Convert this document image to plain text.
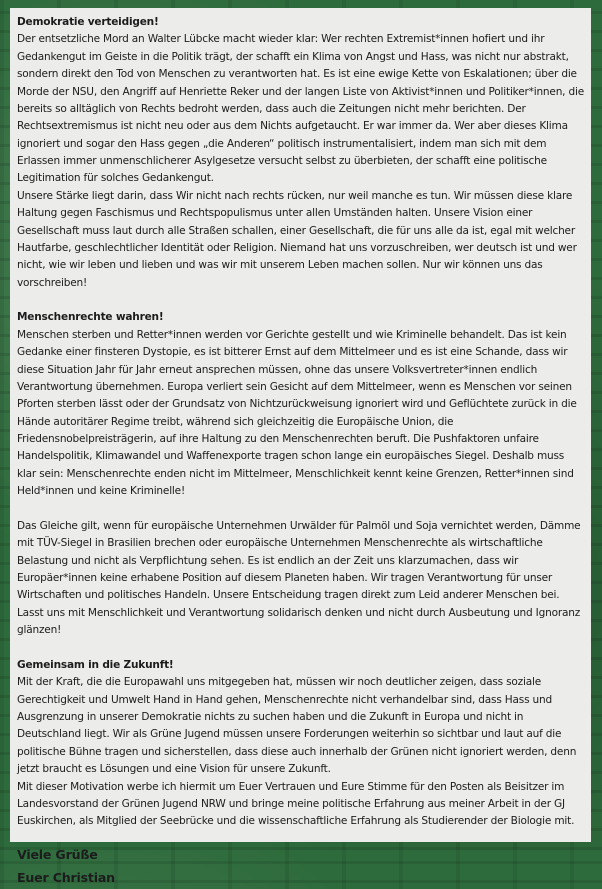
Demokratie verteidigen!

Der entsetzliche Mord an Walter Lübcke macht wieder klar: Wer rechten Extremist*innen hofiert und ihr Gedankengut im Geiste in die Politik trägt, der schafft ein Klima von Angst und Hass, was nicht nur abstrakt, sondern direkt den Tod von Menschen zu verantworten hat. Es ist eine ewige Kette von Eskalationen; über die Morde der NSU, den Angriff auf Henriette Reker und der langen Liste von Aktivist*innen und Politiker*innen, die bereits so alltäglich von Rechts bedroht werden, dass auch die Zeitungen nicht mehr berichten. Der Rechtsextremismus ist nicht neu oder aus dem Nichts aufgetaucht. Er war immer da. Wer aber dieses Klima ignoriert und sogar den Hass gegen „die Anderen“ politisch instrumentalisiert, indem man sich mit dem Erlassen immer unmenschlicherer Asylgesetze versucht selbst zu überbieten, der schafft eine politische Legitimation für solches Gedankengut.

Unsere Stärke liegt darin, dass Wir nicht nach rechts rücken, nur weil manche es tun. Wir müssen diese klare Haltung gegen Faschismus und Rechtspopulismus unter allen Umständen halten. Unsere Vision einer Gesellschaft muss laut durch alle Straßen schallen, einer Gesellschaft, die für uns alle da ist, egal mit welcher Hautfarbe, geschlechtlicher Identität oder Religion. Niemand hat uns vorzuschreiben, wer deutsch ist und wer nicht, wie wir leben und lieben und was wir mit unserem Leben machen sollen. Nur wir können uns das vorschreiben!

Menschenrechte wahren!

Menschen sterben und Retter*innen werden vor Gerichte gestellt und wie Kriminelle behandelt. Das ist kein Gedanke einer finsteren Dystopie, es ist bitterer Ernst auf dem Mittelmeer und es ist eine Schande, dass wir diese Situation Jahr für Jahr erneut ansprechen müssen, ohne das unsere Volksvertreter*innen endlich Verantwortung übernehmen. Europa verliert sein Gesicht auf dem Mittelmeer, wenn es Menschen vor seinen Pforten sterben lässt oder der Grundsatz von Nichtzurückweisung ignoriert wird und Geflüchtete zurück in die Hände autoritärer Regime treibt, während sich gleichzeitig die Europäische Union, die Friedensnobelpreisträgerin, auf ihre Haltung zu den Menschenrechten beruft. Die Pushfaktoren unfaire Handelspolitik, Klimawandel und Waffenexporte tragen schon lange ein europäisches Siegel. Deshalb muss klar sein: Menschenrechte enden nicht im Mittelmeer, Menschlichkeit kennt keine Grenzen, Retter*innen sind Held*innen und keine Kriminelle!

Das Gleiche gilt, wenn für europäische Unternehmen Urwälder für Palmöl und Soja vernichtet werden, Dämme mit TÜV-Siegel in Brasilien brechen oder europäische Unternehmen Menschenrechte als wirtschaftliche Belastung und nicht als Verpflichtung sehen. Es ist endlich an der Zeit uns klarzumachen, dass wir Europäer*innen keine erhabene Position auf diesem Planeten haben. Wir tragen Verantwortung für unser Wirtschaften und politisches Handeln. Unsere Entscheidung tragen direkt zum Leid anderer Menschen bei. Lasst uns mit Menschlichkeit und Verantwortung solidarisch denken und nicht durch Ausbeutung und Ignoranz glänzen!

Gemeinsam in die Zukunft!

Mit der Kraft, die die Europawahl uns mitgegeben hat, müssen wir noch deutlicher zeigen, dass soziale Gerechtigkeit und Umwelt Hand in Hand gehen, Menschenrechte nicht verhandelbar sind, dass Hass und Ausgrenzung in unserer Demokratie nichts zu suchen haben und die Zukunft in Europa und nicht in Deutschland liegt. Wir als Grüne Jugend müssen unsere Forderungen weiterhin so sichtbar und laut auf die politische Bühne tragen und sicherstellen, dass diese auch innerhalb der Grünen nicht ignoriert werden, denn jetzt braucht es Lösungen und eine Vision für unsere Zukunft.

Mit dieser Motivation werbe ich hiermit um Euer Vertrauen und Eure Stimme für den Posten als Beisitzer im Landesvorstand der Grünen Jugend NRW und bringe meine politische Erfahrung aus meiner Arbeit in der GJ Euskirchen, als Mitglied der Seebrücke und die wissenschaftliche Erfahrung als Studierender der Biologie mit.

Viele Grüße
Euer Christian
